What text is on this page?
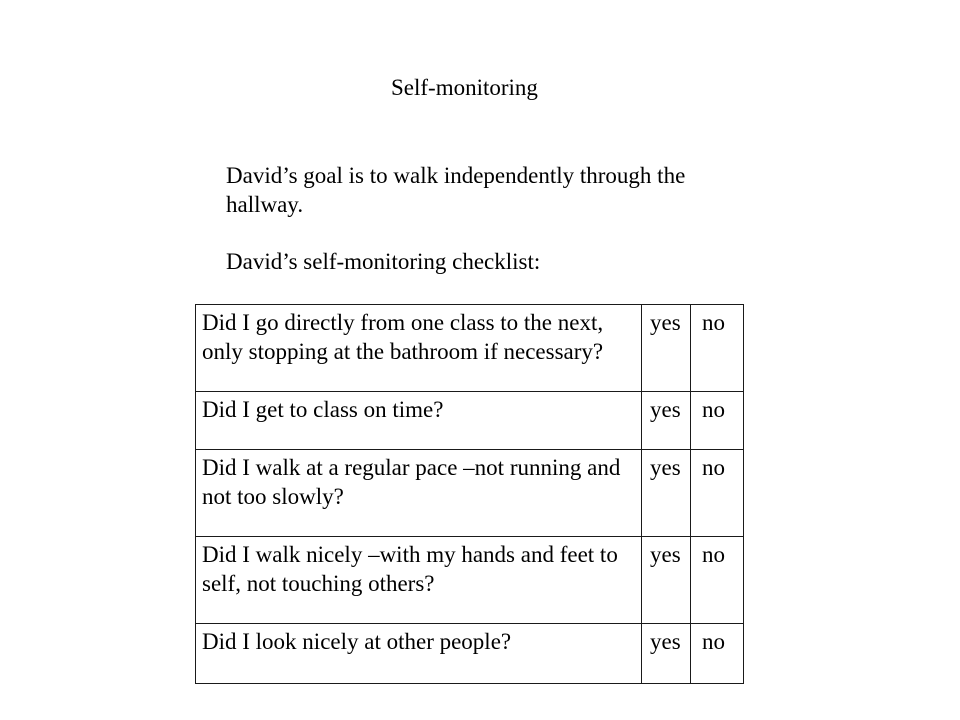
Self-monitoring
David’s goal is to walk independently through the hallway.
David’s self-monitoring checklist:
Did I go directly from one class to the next, only stopping at the bathroom if necessary?	yes	no
Did I get to class on time?	yes	no
Did I walk at a regular pace –not running and not too slowly?	yes	no
Did I walk nicely –with my hands and feet to self, not touching others?	yes	no
Did I look nicely at other people?	yes	no
